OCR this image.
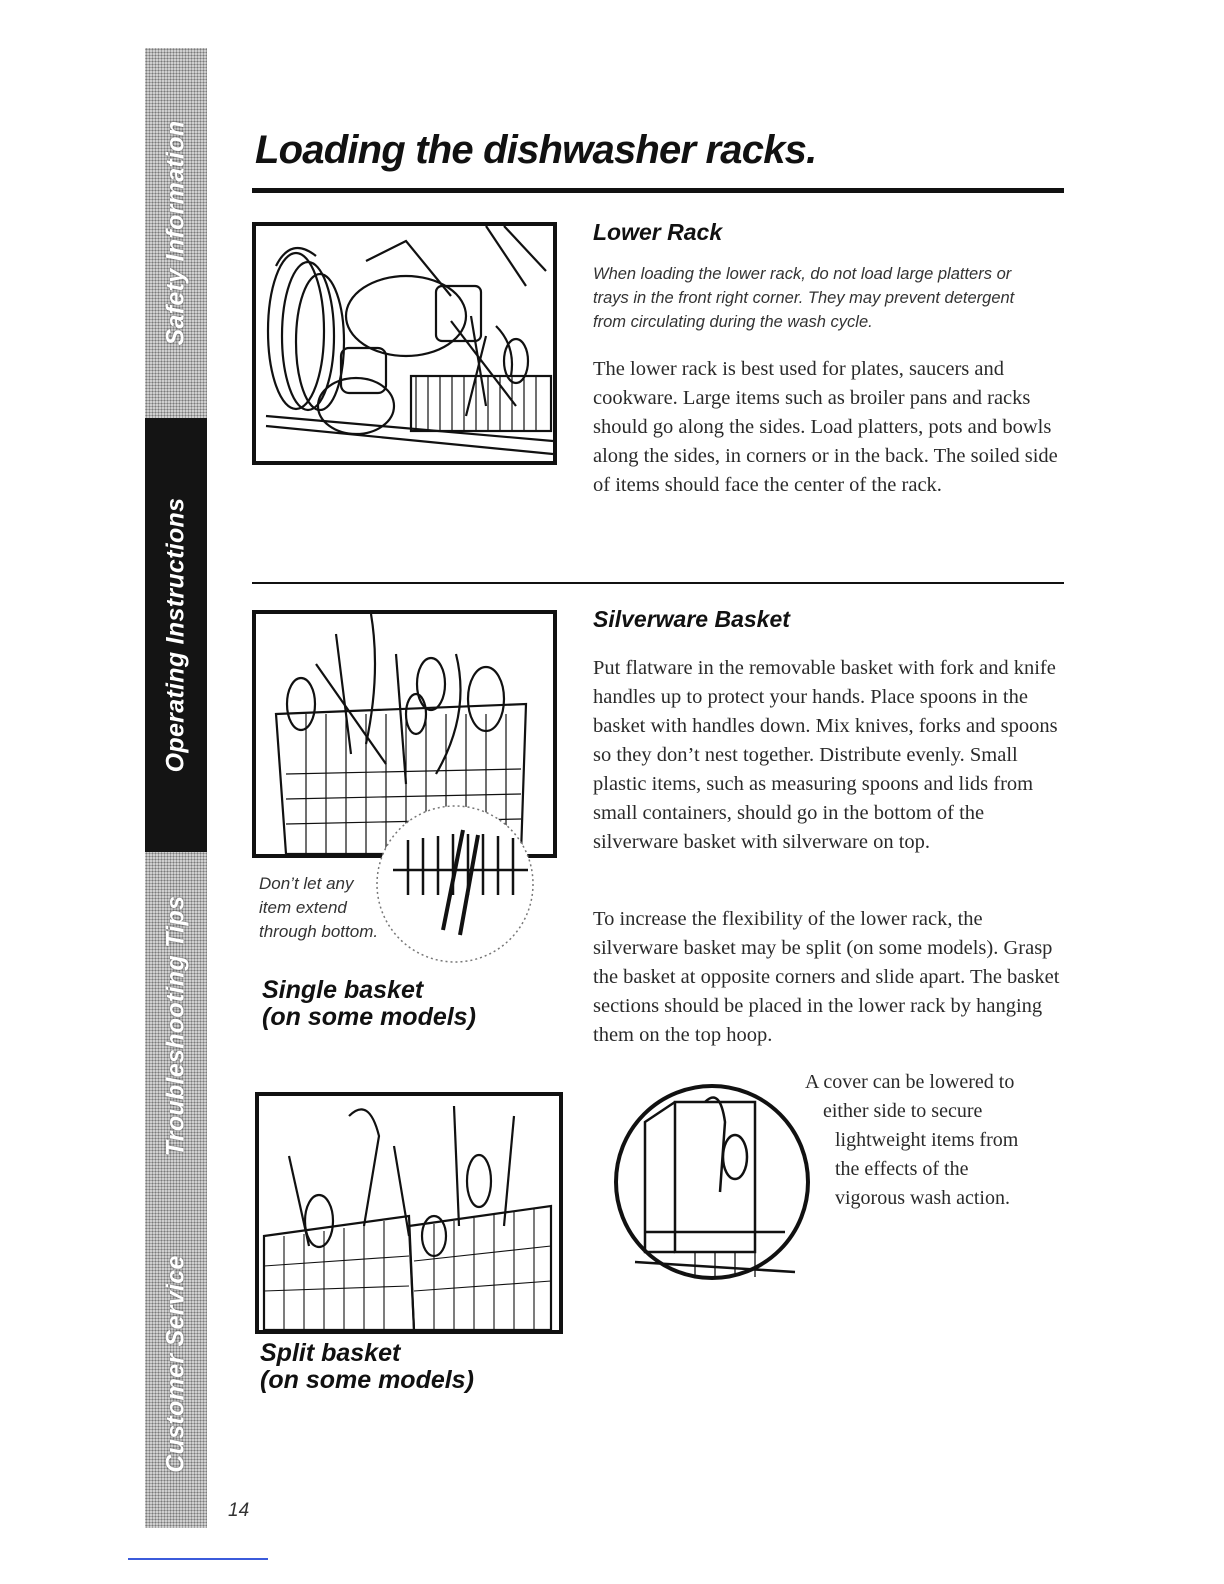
Safety Information
Operating Instructions
Troubleshooting Tips
Customer Service
Loading the dishwasher racks.
Lower Rack

When loading the lower rack, do not load large platters or trays in the front right corner. They may prevent detergent from circulating during the wash cycle.

The lower rack is best used for plates, saucers and cookware. Large items such as broiler pans and racks should go along the sides. Load platters, pots and bowls along the sides, in corners or in the back. The soiled side of items should face the center of the rack.

Don’t let any
item extend
through bottom.

Single basket
(on some models)

Silverware Basket

Put flatware in the removable basket with fork and knife handles up to protect your hands. Place spoons in the basket with handles down. Mix knives, forks and spoons so they don’t nest together. Distribute evenly. Small plastic items, such as measuring spoons and lids from small containers, should go in the bottom of the silverware basket with silverware on top.

To increase the flexibility of the lower rack, the silverware basket may be split (on some models). Grasp the basket at opposite corners and slide apart. The basket sections should be placed in the lower rack by hanging them on the top hoop.

Split basket
(on some models)

A cover can be lowered to
either side to secure
lightweight items from
the effects of the
vigorous wash action.

14
